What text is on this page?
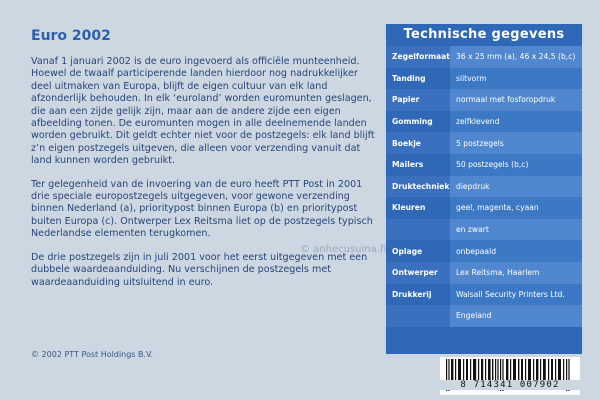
Euro 2002

Vanaf 1 januari 2002 is de euro ingevoerd als officiële munteenheid. Hoewel de twaalf participerende landen hierdoor nog nadrukkelijker deel uitmaken van Europa, blijft de eigen cultuur van elk land afzonderlijk behouden. In elk ‘euroland’ worden euromunten geslagen, die aan een zijde gelijk zijn, maar aan de andere zijde een eigen afbeelding tonen. De euromunten mogen in alle deelnemende landen worden gebruikt. Dit geldt echter niet voor de postzegels: elk land blijft z’n eigen postzegels uitgeven, die alleen voor verzending vanuit dat land kunnen worden gebruikt.

Ter gelegenheid van de invoering van de euro heeft PTT Post in 2001 drie speciale europostzegels uitgegeven, voor gewone verzending binnen Nederland (a), prioritypost binnen Europa (b) en prioritypost buiten Europa (c). Ontwerper Lex Reitsma liet op de postzegels typisch Nederlandse elementen terugkomen.

De drie postzegels zijn in juli 2001 voor het eerst uitgegeven met een dubbele waardeaanduiding. Nu verschijnen de postzegels met waardeaanduiding uitsluitend in euro.

© anhecusuina.fi
© 2002 PTT Post Holdings B.V.
Technische gegevens
Zegelformaat	36 x 25 mm (a), 46 x 24,5 (b,c)
Tanding	slitvorm
Papier	normaal met fosforopdruk
Gomming	zelfklevend
Boekje	5 postzegels
Mailers	50 postzegels (b,c)
Druktechniek	diepdruk
Kleuren	geel, magenta, cyaan
	en zwart
Oplage	onbepaald
Ontwerper	Lex Reitsma, Haarlem
Drukkerij	Walsall Security Printers Ltd.
	Engeland
8 714341 007902
